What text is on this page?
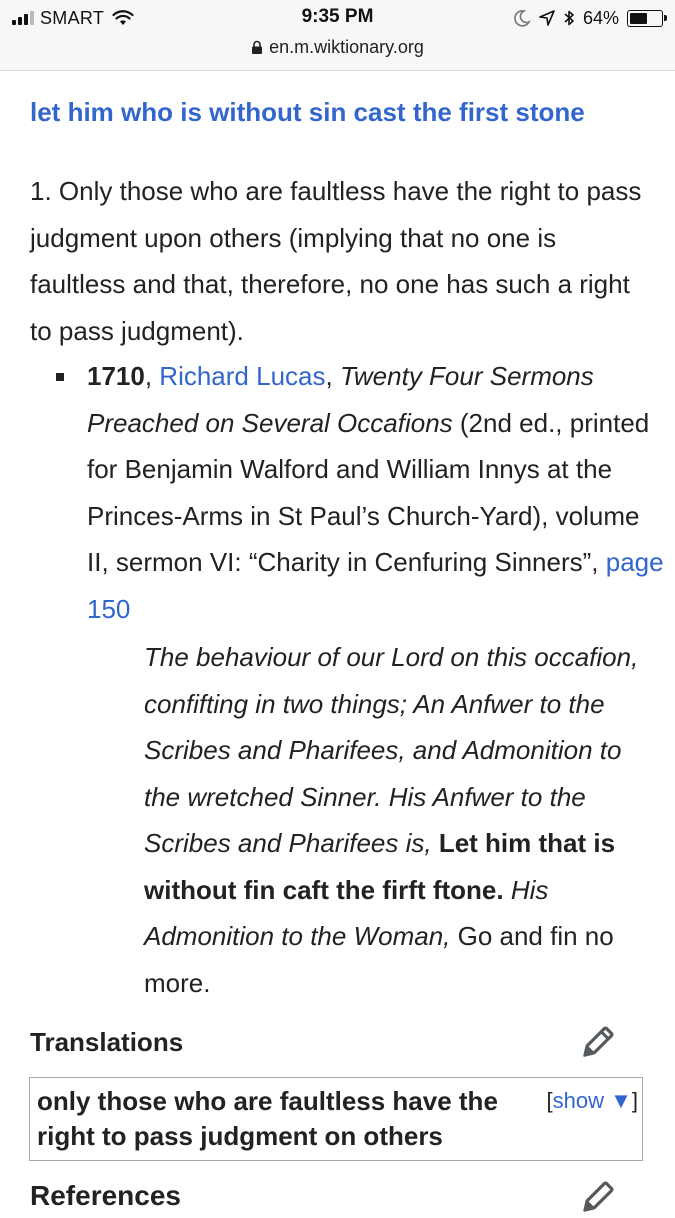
SMART	9:35 PM	64%
en.m.wiktionary.org
let him who is without sin cast the first stone
1. Only those who are faultless have the right to pass judgment upon others (implying that no one is faultless and that, therefore, no one has such a right to pass judgment).
1710, Richard Lucas, Twenty Four Sermons Preached on Several Occafions (2nd ed., printed for Benjamin Walford and William Innys at the Princes-Arms in St Paul’s Church-Yard), volume II, sermon VI: “Charity in Cenfuring Sinners”, page 150
The behaviour of our Lord on this occafion, confifting in two things; An Anfwer to the Scribes and Pharifees, and Admonition to the wretched Sinner. His Anfwer to the Scribes and Pharifees is, Let him that is without fin caft the firft ftone. His Admonition to the Woman, Go and fin no more.
Translations
only those who are faultless have the right to pass judgment on others
[show ▼]
References
